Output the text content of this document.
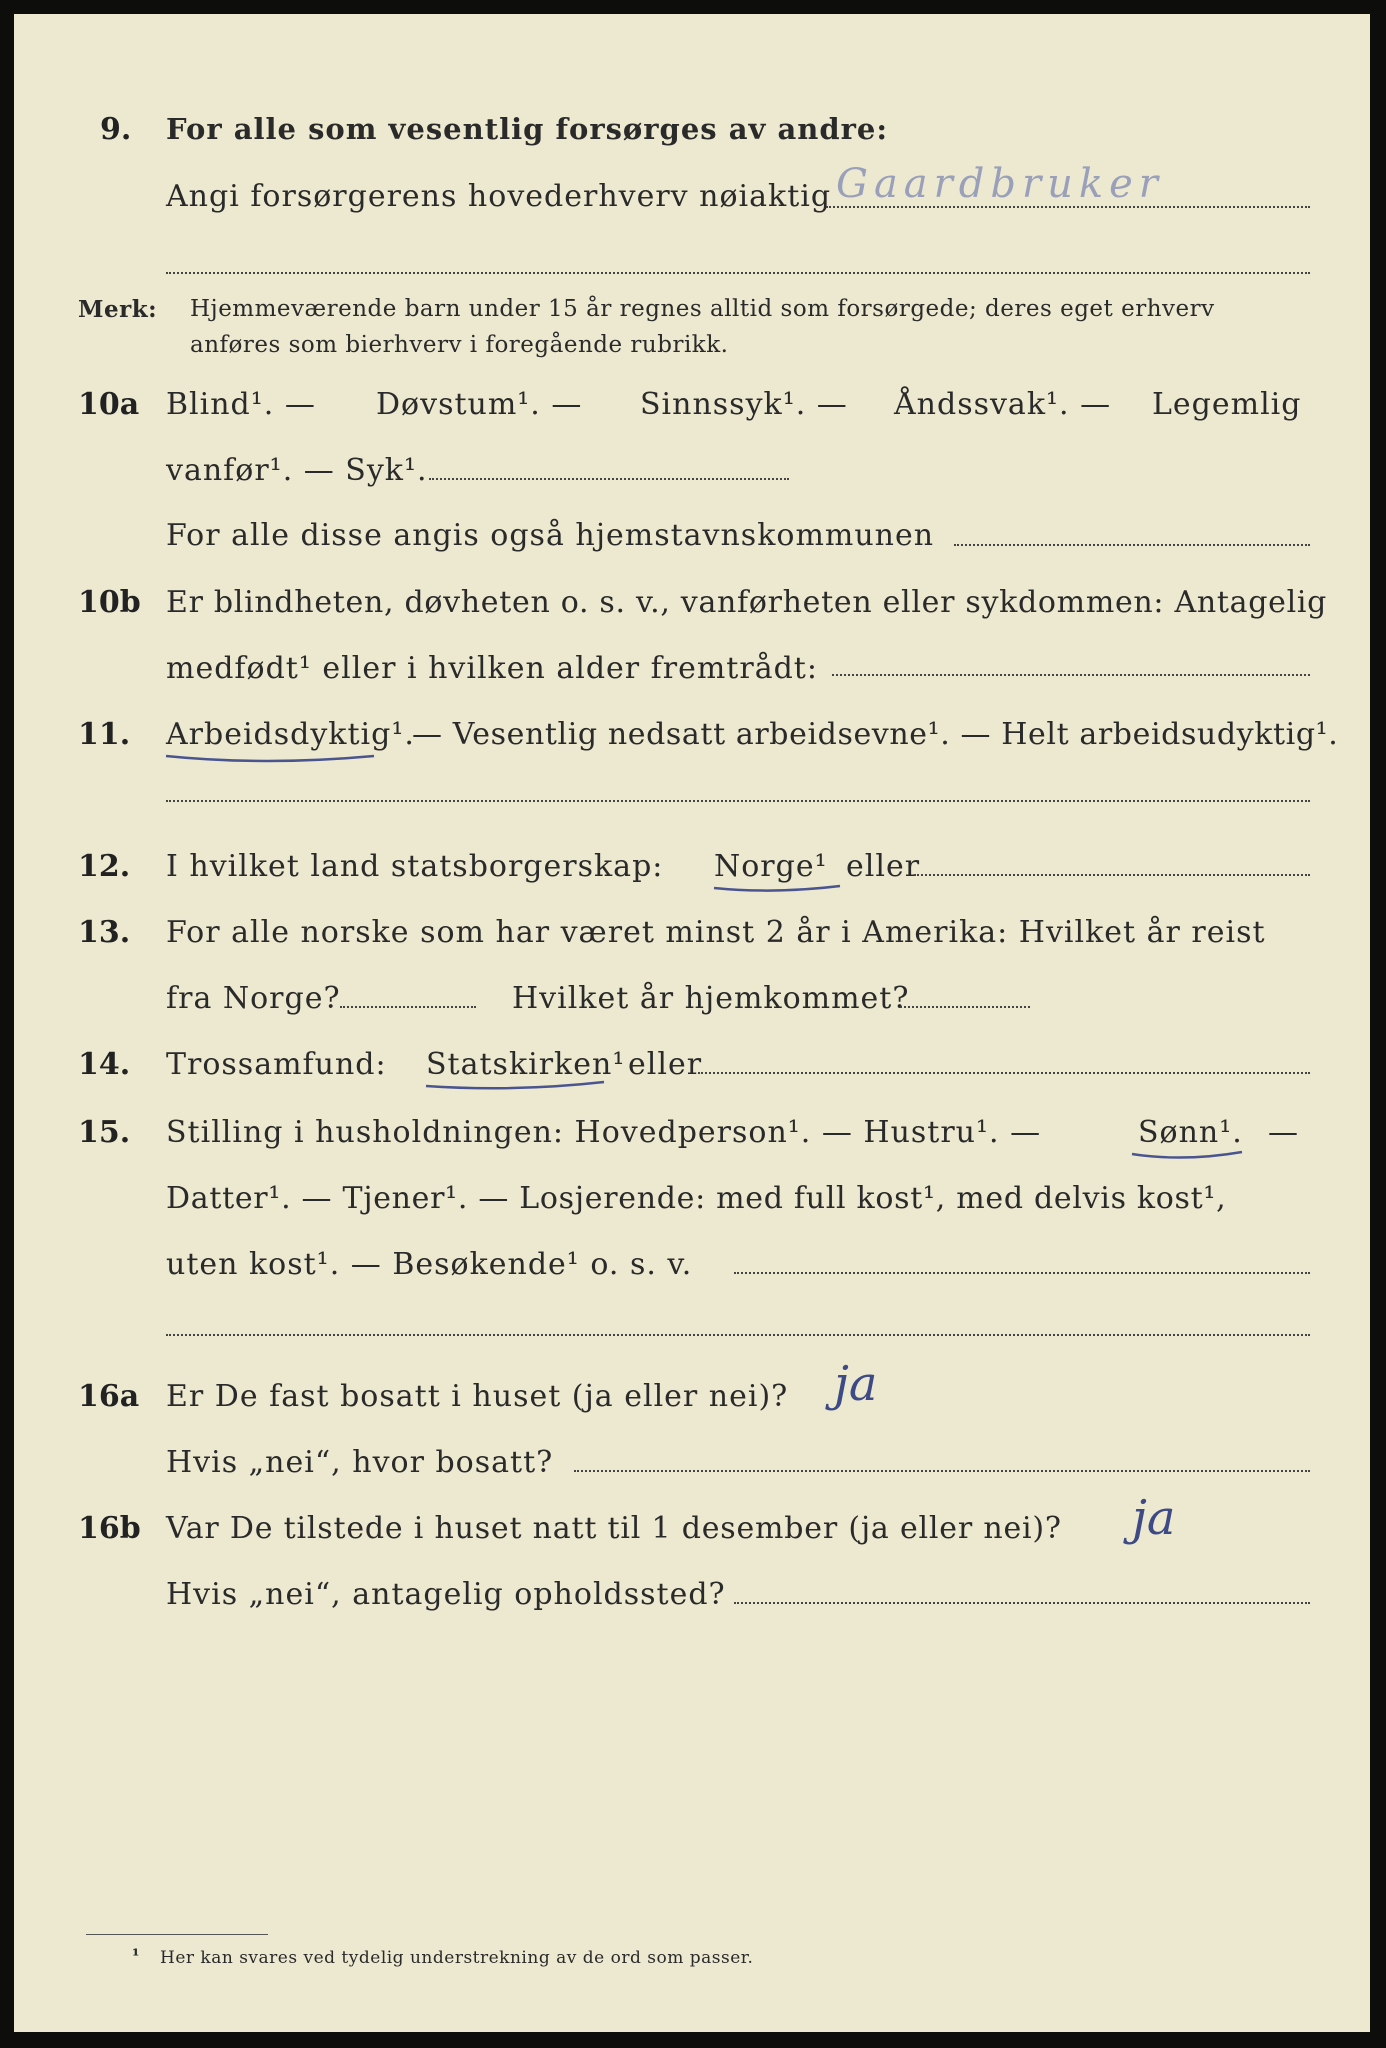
9. For alle som vesentlig forsørges av andre:
Angi forsørgerens hovederhverv nøiaktig Gaardbruker
Merk: Hjemmeværende barn under 15 år regnes alltid som forsørgede; deres eget erhverv
anføres som bierhverv i foregående rubrikk.
10a Blind¹. — Døvstum¹. — Sinnssyk¹. — Åndssvak¹. — Legemlig
vanfør¹. — Syk¹.
For alle disse angis også hjemstavnskommunen
10b Er blindheten, døvheten o. s. v., vanførheten eller sykdommen: Antagelig
medfødt¹ eller i hvilken alder fremtrådt:
11. Arbeidsdyktig¹.
— Vesentlig nedsatt arbeidsevne¹. — Helt arbeidsudyktig¹.
12. I hvilket land statsborgerskap: Norge¹ eller
13. For alle norske som har været minst 2 år i Amerika: Hvilket år reist
fra Norge?	Hvilket år hjemkommet?
14. Trossamfund: Statskirken¹ eller
15. Stilling i husholdningen: Hovedperson¹. — Hustru¹. —	Sønn¹. —
Datter¹. — Tjener¹. — Losjerende: med full kost¹, med delvis kost¹,
uten kost¹. — Besøkende¹ o. s. v.
16a Er De fast bosatt i huset (ja eller nei)? ja
Hvis „nei“, hvor bosatt?
16b Var De tilstede i huset natt til 1 desember (ja eller nei)? ja
Hvis „nei“, antagelig opholdssted?
¹ Her kan svares ved tydelig understrekning av de ord som passer.
